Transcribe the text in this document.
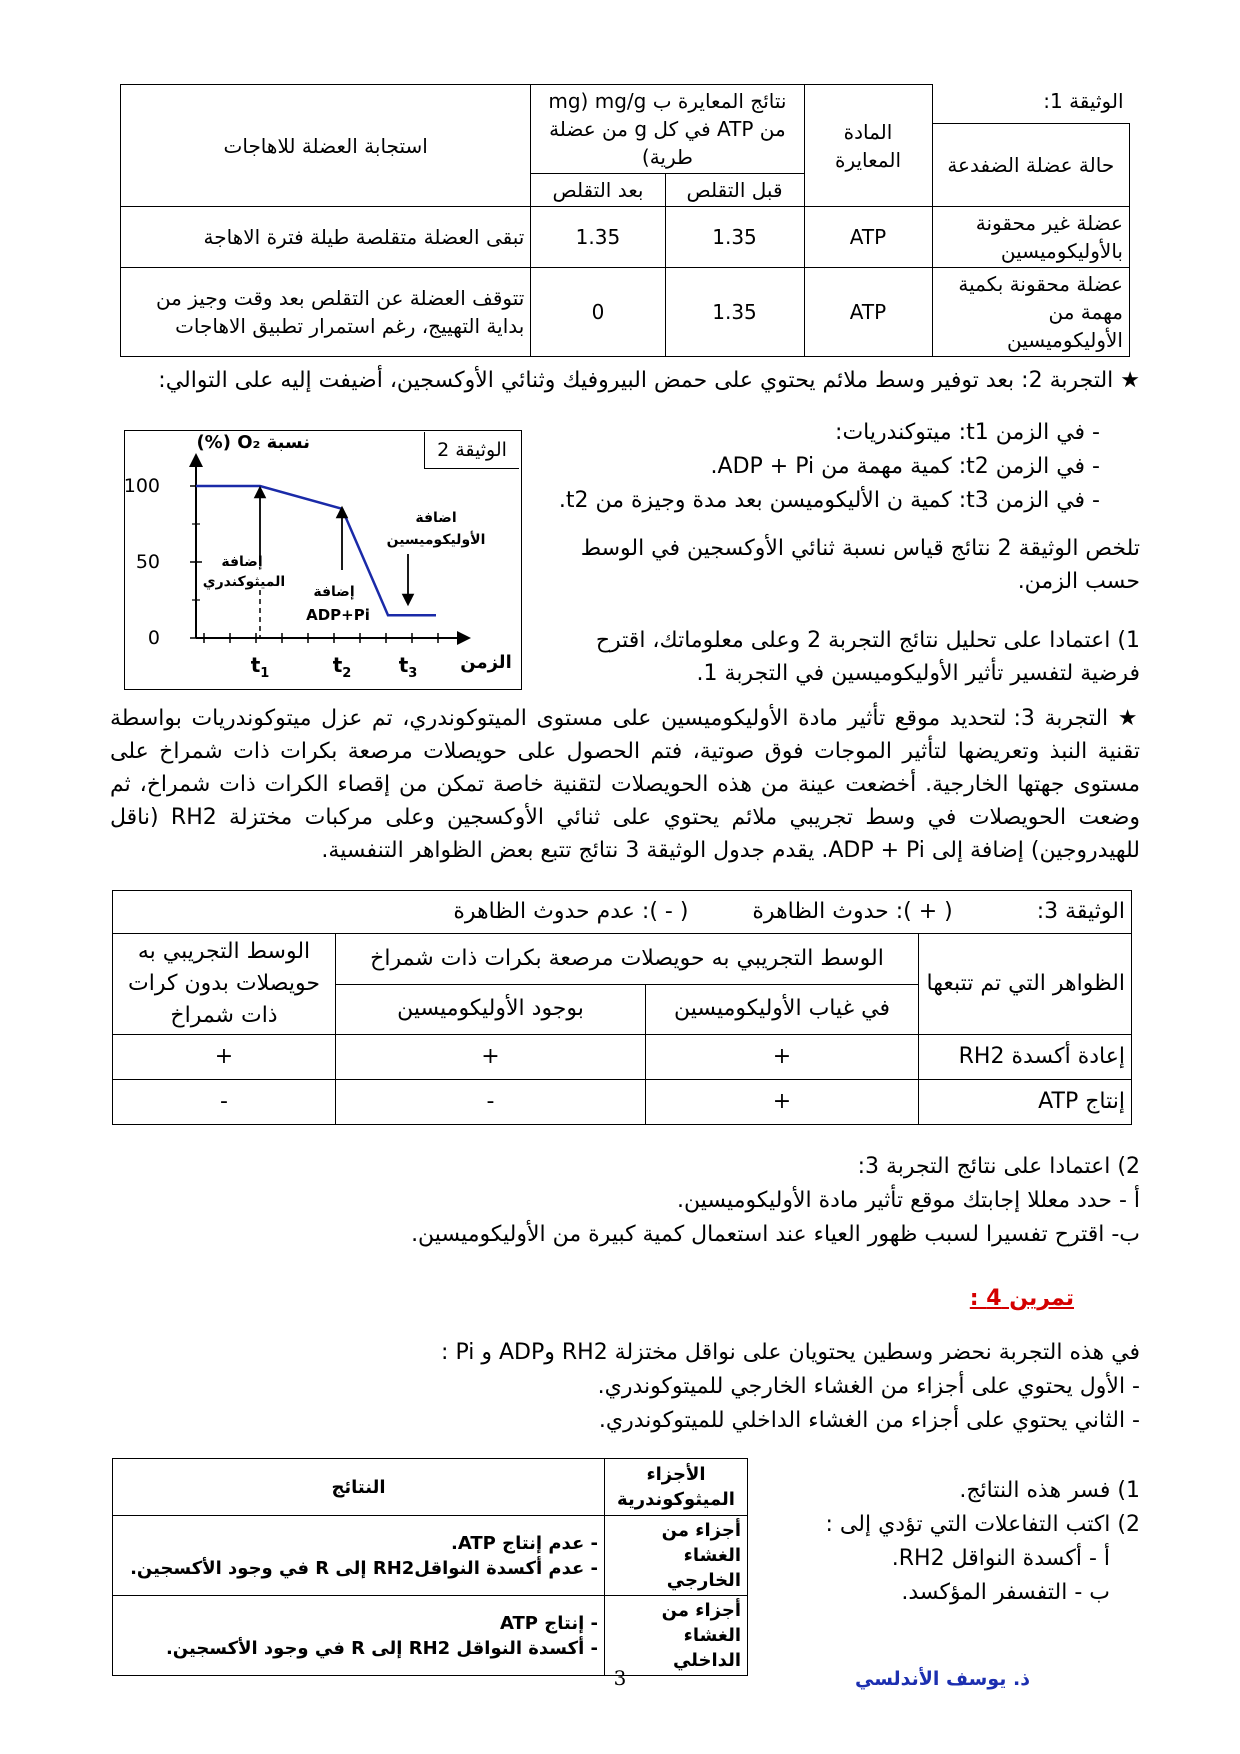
الوثيقة 1:	المادة المعايرة	نتائج المعايرة ب mg/g (mg من ATP في كل g من عضلة طرية)		استجابة العضلة للاهاجات
حالة عضلة الضفدعة				
		قبل التقلص	بعد التقلص	
عضلة غير محقونة بالأوليكوميسين	ATP	1.35	1.35	تبقى العضلة متقلصة طيلة فترة الاهاجة
عضلة محقونة بكمية مهمة من الأوليكوميسين	ATP	1.35	0	تتوقف العضلة عن التقلص بعد وقت وجيز من بداية التهييج، رغم استمرار تطبيق الاهاجات
★ التجربة 2: بعد توفير وسط ملائم يحتوي على حمض البيروفيك وثنائي الأوكسجين، أضيفت إليه على التوالي:
- في الزمن t1: ميتوكندريات:
- في الزمن t2: كمية مهمة من ADP + Pi.
- في الزمن t3: كمية ن الأليكوميسن بعد مدة وجيزة من t2.
تلخص الوثيقة 2 نتائج قياس نسبة ثنائي الأوكسجين في الوسط حسب الزمن.
1) اعتمادا على تحليل نتائج التجربة 2 وعلى معلوماتك، اقترح فرضية لتفسير تأثير الأوليكوميسين في التجربة 1.
الوثيقة 2
نسبة O₂ (%)
100
50
0
$t_1$	$t_2$ $t_3$
الزمن
إضافة
الميثوكندري
إضافة
ADP+Pi
اضافة
الأوليكوميسين
★ التجربة 3: لتحديد موقع تأثير مادة الأوليكوميسين على مستوى الميتوكوندري، تم عزل ميتوكوندريات بواسطة تقنية النبذ وتعريضها لتأثير الموجات فوق صوتية، فتم الحصول على حويصلات مرصعة بكرات ذات شمراخ على مستوى جهتها الخارجية. أخضعت عينة من هذه الحويصلات لتقنية خاصة تمكن من إقصاء الكرات ذات شمراخ، ثم وضعت الحويصلات في وسط تجريبي ملائم يحتوي على ثنائي الأوكسجين وعلى مركبات مختزلة RH2 (ناقل للهيدروجين) إضافة إلى ADP + Pi. يقدم جدول الوثيقة 3 نتائج تتبع بعض الظواهر التنفسية.
الوثيقة 3:  ( + ): حدوث الظاهرة  ( - ): عدم حدوث الظاهرة			
الظواهر التي تم تتبعها	الوسط التجريبي به حويصلات مرصعة بكرات ذات شمراخ		الوسط التجريبي به حويصلات بدون كرات ذات شمراخ
	في غياب الأوليكوميسين	بوجود الأوليكوميسين	
إعادة أكسدة RH2	+	+	+
إنتاج ATP	+	-	-
2) اعتمادا على نتائج التجربة 3:
أ - حدد معللا إجابتك موقع تأثير مادة الأوليكوميسين.
ب- اقترح تفسيرا لسبب ظهور العياء عند استعمال كمية كبيرة من الأوليكوميسين.
تمرين 4 :
في هذه التجربة نحضر وسطين يحتويان على نواقل مختزلة RH2 وADP و Pi :
- الأول يحتوي على أجزاء من الغشاء الخارجي للميتوكوندري.
- الثاني يحتوي على أجزاء من الغشاء الداخلي للميتوكوندري.
1) فسر هذه النتائج.
2) اكتب التفاعلات التي تؤدي إلى :
أ - أكسدة النواقل RH2.
ب - التفسفر المؤكسد.
الأجزاء الميثوكوندرية	النتائج
أجزاء من الغشاء الخارجي	- عدم إنتاج ATP.
- عدم أكسدة النواقلRH2 إلى R في وجود الأكسجين.

أجزاء من الغشاء الداخلي	- إنتاج ATP
- أكسدة النواقل RH2 إلى R في وجود الأكسجين.
3	ذ. يوسف الأندلسي
